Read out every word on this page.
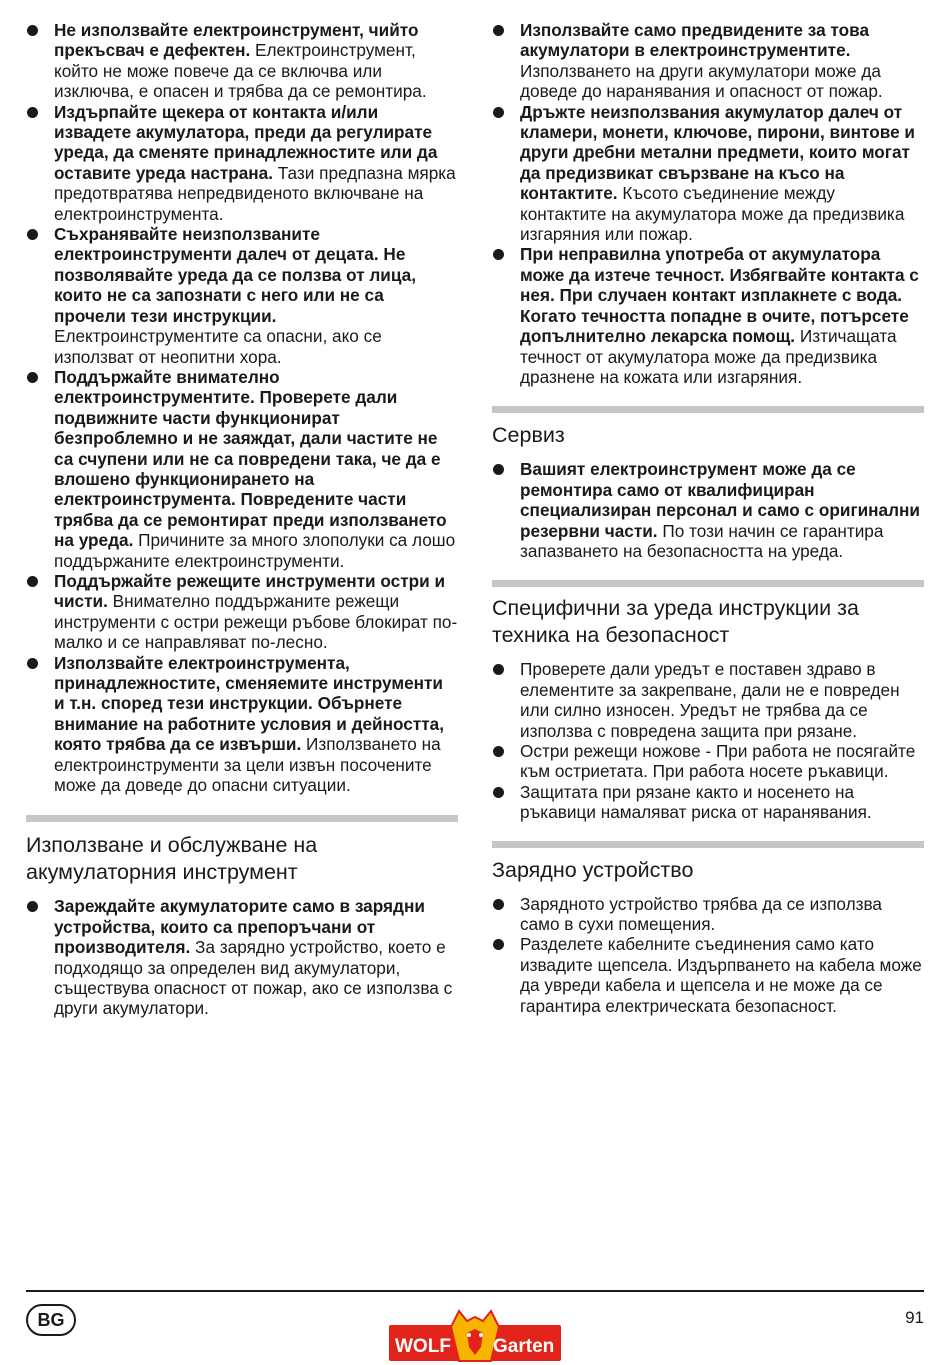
Не използвайте електроинструмент, чийто прекъсвач е дефектен. Електроинструмент, който не може повече да се включва или изключва, е опасен и трябва да се ремонтира.
Издърпайте щекера от контакта и/или извадете акумулатора, преди да регулирате уреда, да сменяте принадлежностите или да оставите уреда настрана. Тази предпазна мярка предотвратява непредвиденото включване на електроинструмента.
Съхранявайте неизползваните електроинструменти далеч от децата. Не позволявайте уреда да се ползва от лица, които не са запознати с него или не са прочели тези инструкции. Електроинструментите са опасни, ако се използват от неопитни хора.
Поддържайте внимателно електроинструментите. Проверете дали подвижните части функционират безпроблемно и не заяждат, дали частите не са счупени или не са повредени така, че да е влошено функционирането на електроинструмента. Повредените части трябва да се ремонтират преди използването на уреда. Причините за много злополуки са лошо поддържаните електроинструменти.
Поддържайте режещите инструменти остри и чисти. Внимателно поддържаните режещи инструменти с остри режещи ръбове блокират по-малко и се направляват по-лесно.
Използвайте електроинструмента, принадлежностите, сменяемите инструменти и т.н. според тези инструкции. Обърнете внимание на работните условия и дейността, която трябва да се извърши. Използването на електроинструменти за цели извън посочените може да доведе до опасни ситуации.
Използване и обслужване на акумулаторния инструмент
Зареждайте акумулаторите само в зарядни устройства, които са препоръчани от производителя. За зарядно устройство, което е подходящо за определен вид акумулатори, съществува опасност от пожар, ако се използва с други акумулатори.
Използвайте само предвидените за това акумулатори в електроинструментите. Използването на други акумулатори може да доведе до наранявания и опасност от пожар.
Дръжте неизползвания акумулатор далеч от кламери, монети, ключове, пирони, винтове и други дребни метални предмети, които могат да предизвикат свързване на късо на контактите. Късото съединение между контактите на акумулатора може да предизвика изгаряния или пожар.
При неправилна употреба от акумулатора може да изтече течност. Избягвайте контакта с нея. При случаен контакт изплакнете с вода. Когато течността попадне в очите, потърсете допълнително лекарска помощ. Изтичащата течност от акумулатора може да предизвика дразнене на кожата или изгаряния.
Сервиз
Вашият електроинструмент може да се ремонтира само от квалифициран специализиран персонал и само с оригинални резервни части. По този начин се гарантира запазването на безопасността на уреда.
Специфични за уреда инструкции за техника на безопасност
Проверете дали уредът е поставен здраво в елементите за закрепване, дали не е повреден или силно износен. Уредът не трябва да се използва с повредена защита при рязане.
Остри режещи ножове - При работа не посягайте към остриетата. При работа носете ръкавици.
Защитата при рязане както и носенето на ръкавици намаляват риска от наранявания.
Зарядно устройство
Зарядното устройство трябва да се използва само в сухи помещения.
Разделете кабелните съединения само като извадите щепсела. Издърпването на кабела може да увреди кабела и щепсела и не може да се гарантира електрическата безопасност.
BG	91
WOLF Garten
